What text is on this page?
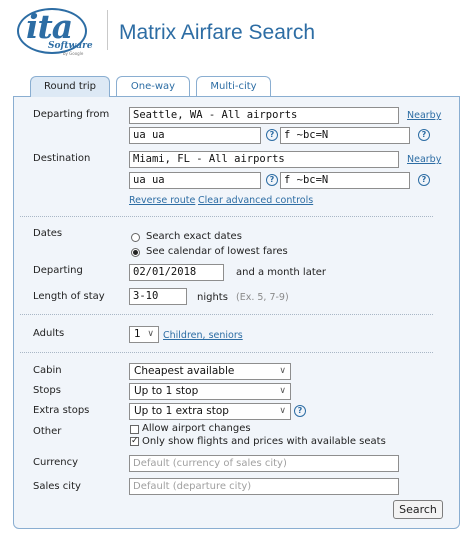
ita
Software
by Google
Matrix Airfare Search
Round trip	One-way	Multi-city
Departing from	Seattle, WA - All airports	Nearby
ua ua	? f ~bc=N	?
Destination	Miami, FL - All airports	Nearby
ua ua	? f ~bc=N	?
Reverse route Clear advanced controls
Dates	Search exact dates
See calendar of lowest fares
Departing	02/01/2018	and a month later
Length of stay	3-10	nights (Ex. 5, 7-9)
Adults	1 ∨ Children, seniors
Cabin	Cheapest available	∨
Stops	Up to 1 stop	∨
Extra stops	Up to 1 extra stop	∨	?
Other	Allow airport changes
✓ Only show flights and prices with available seats
Currency	Default (currency of sales city)
Sales city	Default (departure city)
Search
